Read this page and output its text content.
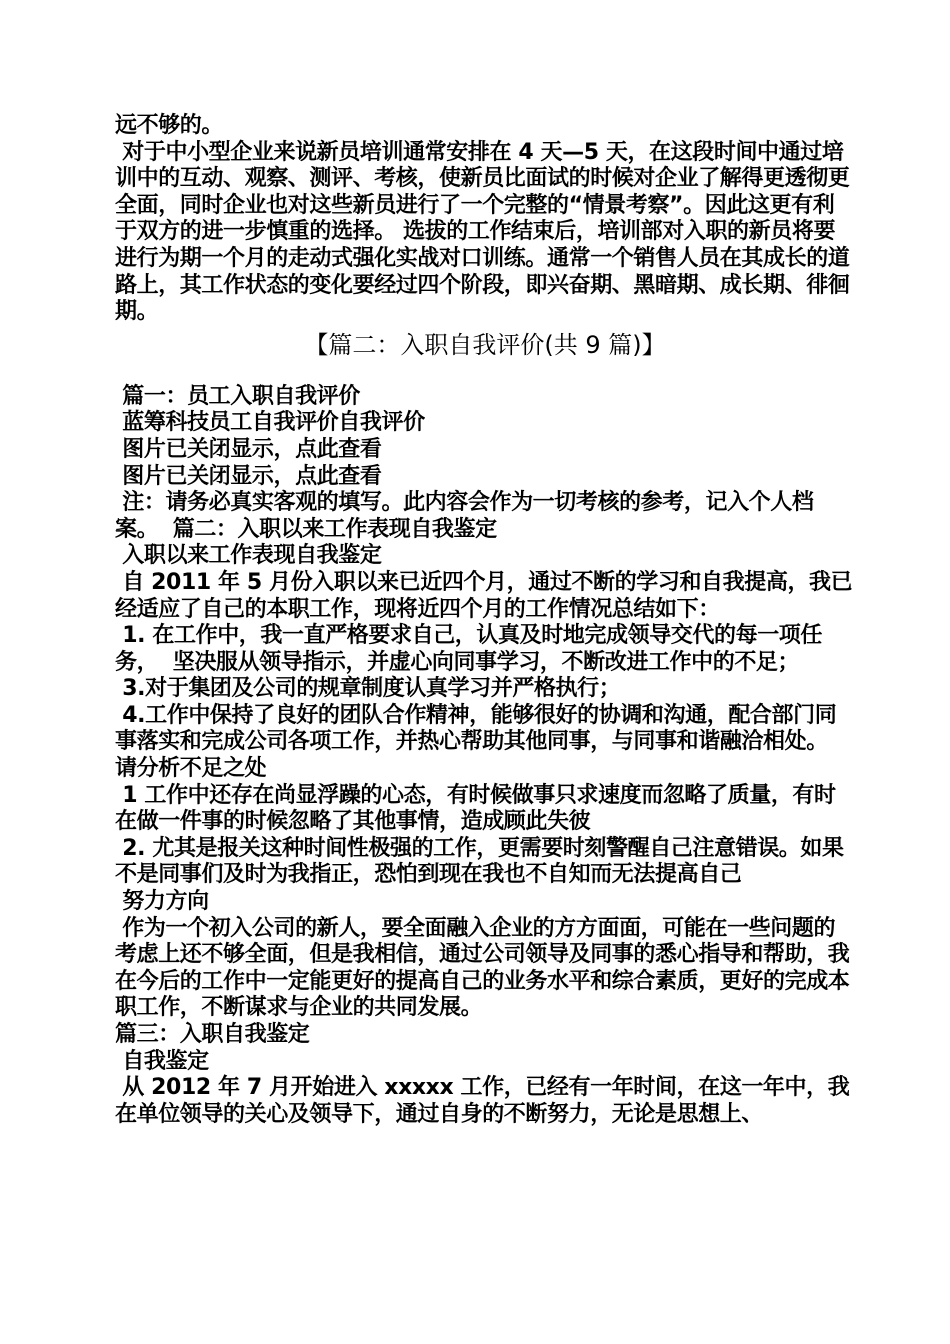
远不够的。

对于中小型企业来说新员培训通常安排在 4 天—5 天，在这段时间中通过培训中的互动、观察、测评、考核，使新员比面试的时候对企业了解得更透彻更全面，同时企业也对这些新员进行了一个完整的“情景考察”。因此这更有利于双方的进一步慎重的选择。 选拔的工作结束后，培训部对入职的新员将要进行为期一个月的走动式强化实战对口训练。通常一个销售人员在其成长的道路上，其工作状态的变化要经过四个阶段，即兴奋期、黑暗期、成长期、徘徊期。

【篇二：入职自我评价(共 9 篇)】

篇一：员工入职自我评价

蓝筹科技员工自我评价自我评价

图片已关闭显示，点此查看

图片已关闭显示，点此查看

注：请务必真实客观的填写。此内容会作为一切考核的参考，记入个人档案。  篇二：入职以来工作表现自我鉴定

入职以来工作表现自我鉴定

自 2011 年 5 月份入职以来已近四个月，通过不断的学习和自我提高，我已经适应了自己的本职工作，现将近四个月的工作情况总结如下：

1. 在工作中，我一直严格要求自己，认真及时地完成领导交代的每一项任务，  坚决服从领导指示，并虚心向同事学习，不断改进工作中的不足；

3.对于集团及公司的规章制度认真学习并严格执行；

4.工作中保持了良好的团队合作精神，能够很好的协调和沟通，配合部门同事落实和完成公司各项工作，并热心帮助其他同事，与同事和谐融洽相处。 请分析不足之处

1 工作中还存在尚显浮躁的心态，有时候做事只求速度而忽略了质量，有时在做一件事的时候忽略了其他事情，造成顾此失彼

2. 尤其是报关这种时间性极强的工作，更需要时刻警醒自己注意错误。如果不是同事们及时为我指正，恐怕到现在我也不自知而无法提高自己

努力方向

作为一个初入公司的新人，要全面融入企业的方方面面，可能在一些问题的考虑上还不够全面，但是我相信，通过公司领导及同事的悉心指导和帮助，我在今后的工作中一定能更好的提高自己的业务水平和综合素质，更好的完成本职工作，不断谋求与企业的共同发展。

篇三：入职自我鉴定

自我鉴定

从 2012 年 7 月开始进入 xxxxx 工作，已经有一年时间，在这一年中，我在单位领导的关心及领导下，通过自身的不断努力，无论是思想上、
